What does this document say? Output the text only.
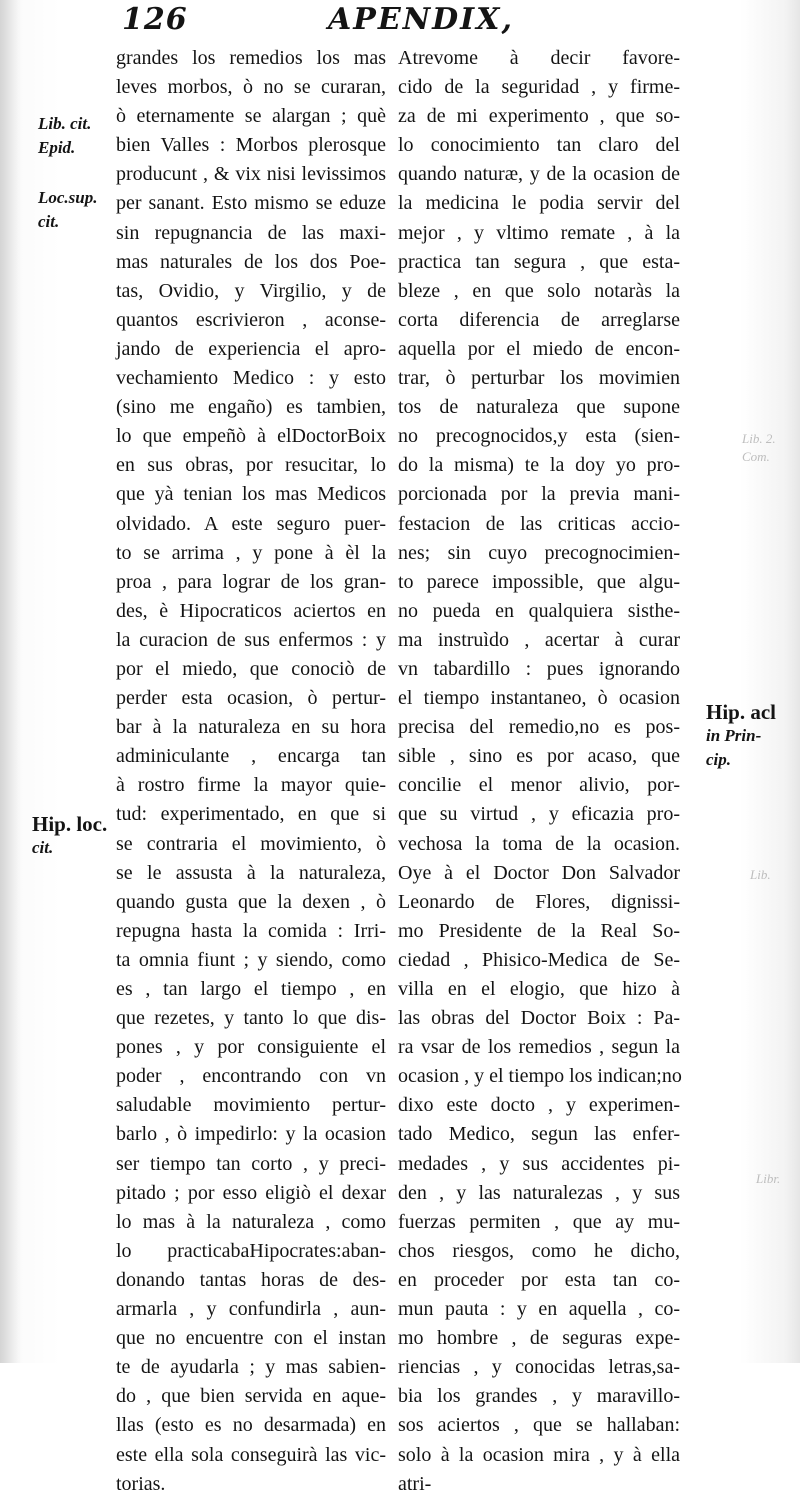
126	APENDIX,
grandes los remedios los mas
leves morbos, ò no se curaran,
ò eternamente se alargan ; què
bien Valles : Morbos plerosque
producunt , & vix nisi levissimos
per sanant. Esto mismo se eduze
sin repugnancia de las maxi-
mas naturales de los dos Poe-
tas, Ovidio, y Virgilio, y de
quantos escrivieron , aconse-
jando de experiencia el apro-
vechamiento Medico : y esto
(sino me engaño) es tambien,
lo que empeñò à elDoctorBoix
en sus obras, por resucitar, lo
que yà tenian los mas Medicos
olvidado. A este seguro puer-
to se arrima , y pone à èl la
proa , para lograr de los gran-
des, è Hipocraticos aciertos en
la curacion de sus enfermos : y
por el miedo, que conociò de
perder esta ocasion, ò pertur-
bar à la naturaleza en su hora
adminiculante , encarga tan
à rostro firme la mayor quie-
tud: experimentado, en que si
se contraria el movimiento, ò
se le assusta à la naturaleza,
quando gusta que la dexen , ò
repugna hasta la comida : Irri-
ta omnia fiunt ; y siendo, como
es , tan largo el tiempo , en
que rezetes, y tanto lo que dis-
pones , y por consiguiente el
poder , encontrando con vn
saludable movimiento pertur-
barlo , ò impedirlo: y la ocasion
ser tiempo tan corto , y preci-
pitado ; por esso eligiò el dexar
lo mas à la naturaleza , como
lo practicabaHipocrates:aban-
donando tantas horas de des-
armarla , y confundirla , aun-
que no encuentre con el instan
te de ayudarla ; y mas sabien-
do , que bien servida en aque-
llas (esto es no desarmada) en
este ella sola conseguirà las vic-
torias.
Atrevome à decir favore-
cido de la seguridad , y firme-
za de mi experimento , que so-
lo conocimiento tan claro del
quando naturæ, y de la ocasion de
la medicina le podia servir del
mejor , y vltimo remate , à la
practica tan segura , que esta-
bleze , en que solo notaràs la
corta diferencia de arreglarse
aquella por el miedo de encon-
trar, ò perturbar los movimien
tos de naturaleza que supone
no precognocidos,y esta (sien-
do la misma) te la doy yo pro-
porcionada por la previa mani-
festacion de las criticas accio-
nes; sin cuyo precognocimien-
to parece impossible, que algu-
no pueda en qualquiera sisthe-
ma instruìdo , acertar à curar
vn tabardillo : pues ignorando
el tiempo instantaneo, ò ocasion
precisa del remedio,no es pos-
sible , sino es por acaso, que
concilie el menor alivio, por-
que su virtud , y eficazia pro-
vechosa la toma de la ocasion.
Oye à el Doctor Don Salvador
Leonardo de Flores, dignissi-
mo Presidente de la Real So-
ciedad , Phisico-Medica de Se-
villa en el elogio, que hizo à
las obras del Doctor Boix : Pa-
ra vsar de los remedios , segun la
ocasion , y el tiempo los indican;no
dixo este docto , y experimen-
tado Medico, segun las enfer-
medades , y sus accidentes pi-
den , y las naturalezas , y sus
fuerzas permiten , que ay mu-
chos riesgos, como he dicho,
en proceder por esta tan co-
mun pauta : y en aquella , co-
mo hombre , de seguras expe-
riencias , y conocidas letras,sa-
bia los grandes , y maravillo-
sos aciertos , que se hallaban:
solo à la ocasion mira , y à ella
atri-
Lib. cit.
Epid.
Loc.sup.
cit.
Hip. loc.
cit.
Hip. acl
in Prin-
cip.
Lib. 2.
Com.
Lib.
Libr.
